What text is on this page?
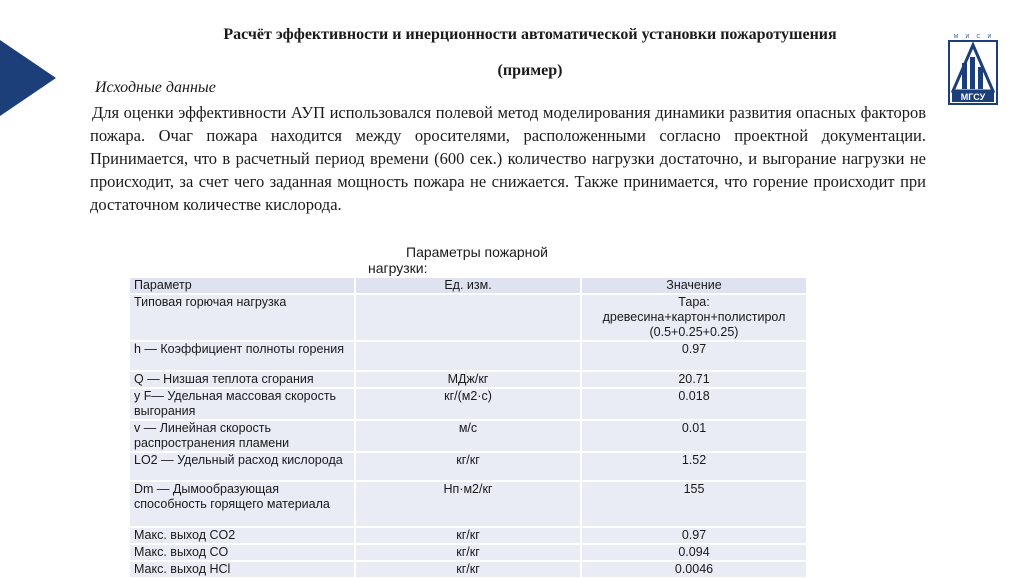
М И С И
МГСУ
Расчёт эффективности и инерционности автоматической установки пожаротушения
(пример)
Исходные данные
Для оценки эффективности АУП использовался полевой метод моделирования динамики развития опасных факторов пожара. Очаг пожара находится между оросителями, расположенными согласно проектной документации. Принимается, что в расчетный период времени (600 сек.) количество нагрузки достаточно, и выгорание нагрузки не происходит, за счет чего заданная мощность пожара не снижается. Также принимается, что горение происходит при достаточном количестве кислорода.
Параметры пожарной
нагрузки:
Параметр	Ед. изм.	Значение
Типовая горючая нагрузка		Тара: древесина+картон+полистирол (0.5+0.25+0.25)
h — Коэффициент полноты горения		0.97
Q — Низшая теплота сгорания	МДж/кг	20.71
y F— Удельная массовая скорость выгорания	кг/(м2·с)	0.018
v — Линейная скорость распространения пламени	м/с	0.01
LO2 — Удельный расход кислорода	кг/кг	1.52
Dm — Дымообразующая способность горящего материала	Нп·м2/кг	155
Макс. выход CO2	кг/кг	0.97
Макс. выход CO	кг/кг	0.094
Макс. выход HCl	кг/кг	0.0046
